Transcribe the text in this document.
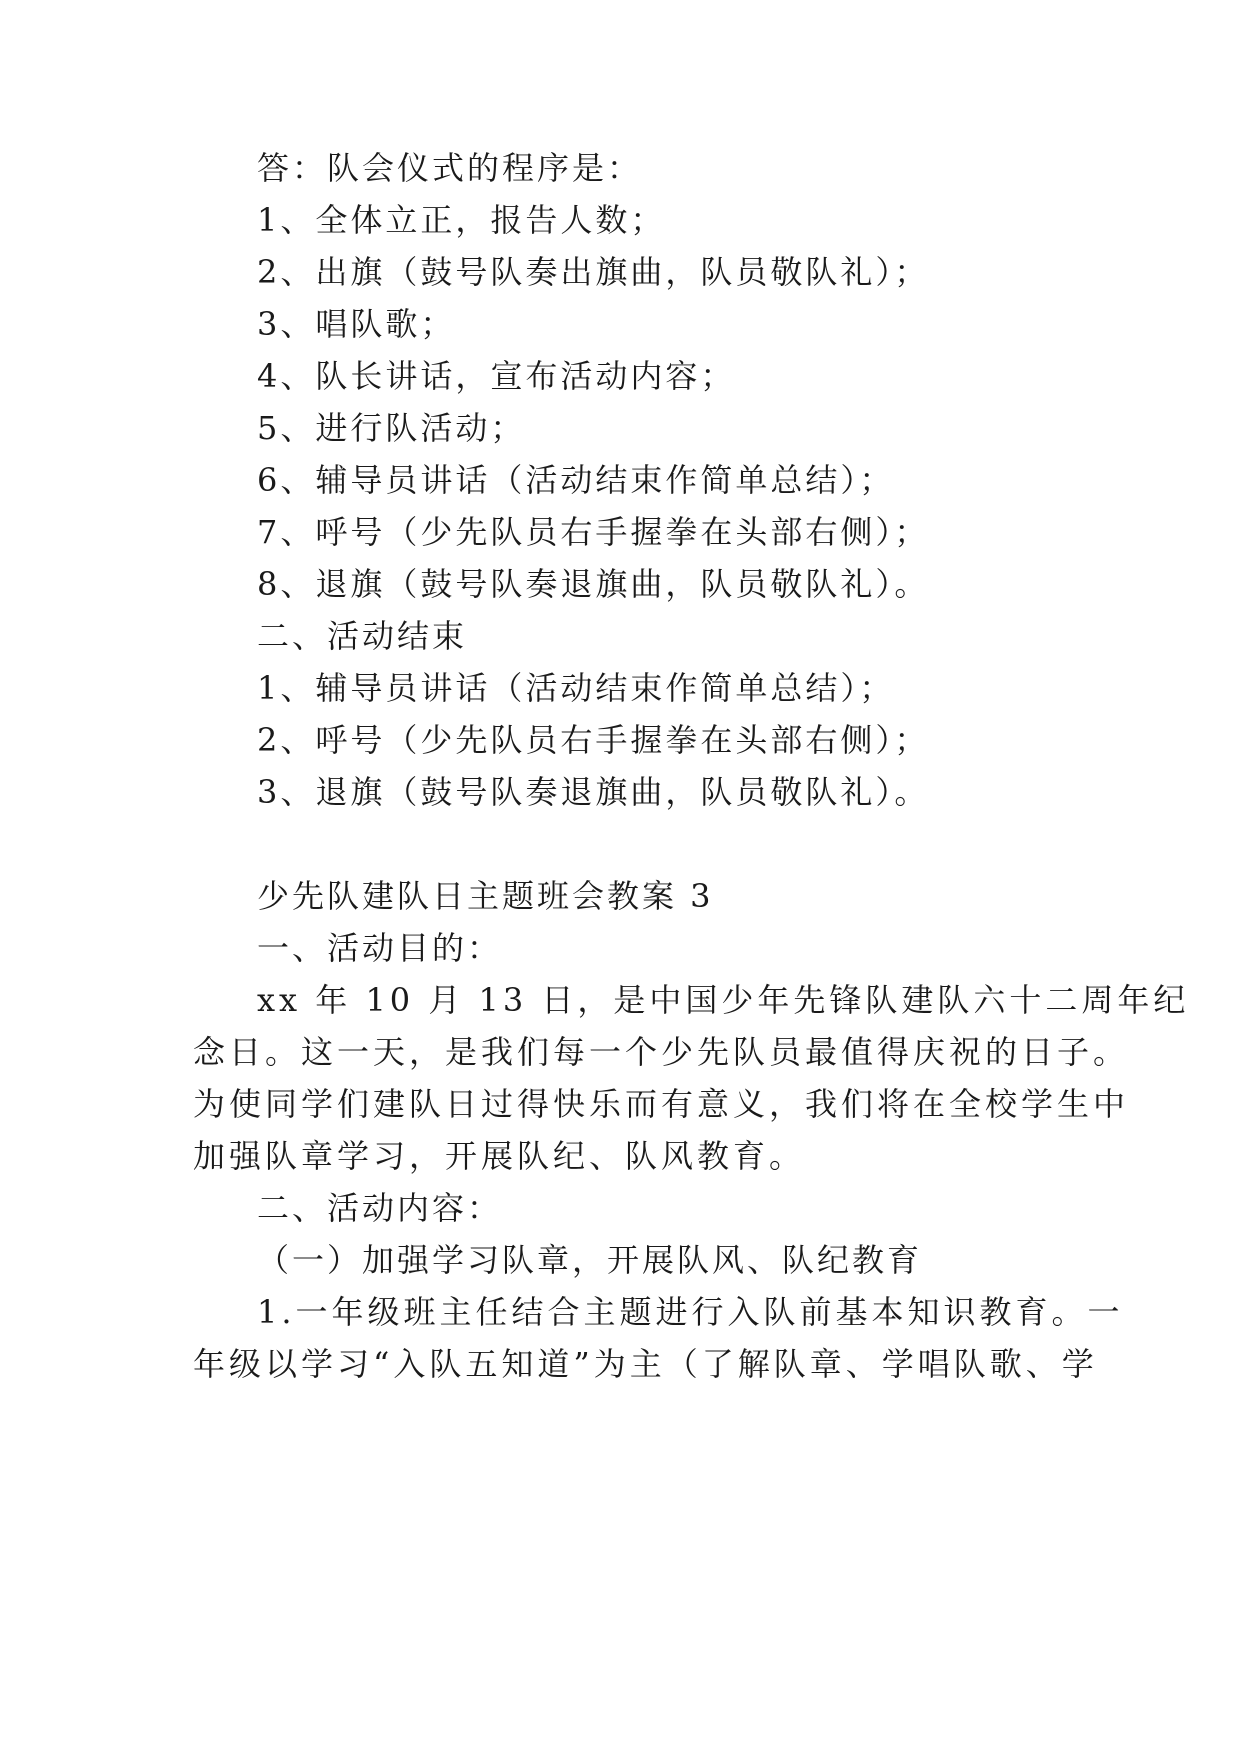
答：队会仪式的程序是：
1、全体立正，报告人数；
2、出旗（鼓号队奏出旗曲，队员敬队礼）；
3、唱队歌；
4、队长讲话，宣布活动内容；
5、进行队活动；
6、辅导员讲话（活动结束作简单总结）；
7、呼号（少先队员右手握拳在头部右侧）；
8、退旗（鼓号队奏退旗曲，队员敬队礼）。
二、活动结束
1、辅导员讲话（活动结束作简单总结）；
2、呼号（少先队员右手握拳在头部右侧）；
3、退旗（鼓号队奏退旗曲，队员敬队礼）。
少先队建队日主题班会教案 3
一、活动目的：
xx 年 10 月 13 日，是中国少年先锋队建队六十二周年纪
念日。这一天，是我们每一个少先队员最值得庆祝的日子。
为使同学们建队日过得快乐而有意义，我们将在全校学生中
加强队章学习，开展队纪、队风教育。
二、活动内容：
（一）加强学习队章，开展队风、队纪教育
1.一年级班主任结合主题进行入队前基本知识教育。一
年级以学习“入队五知道”为主（了解队章、学唱队歌、学
